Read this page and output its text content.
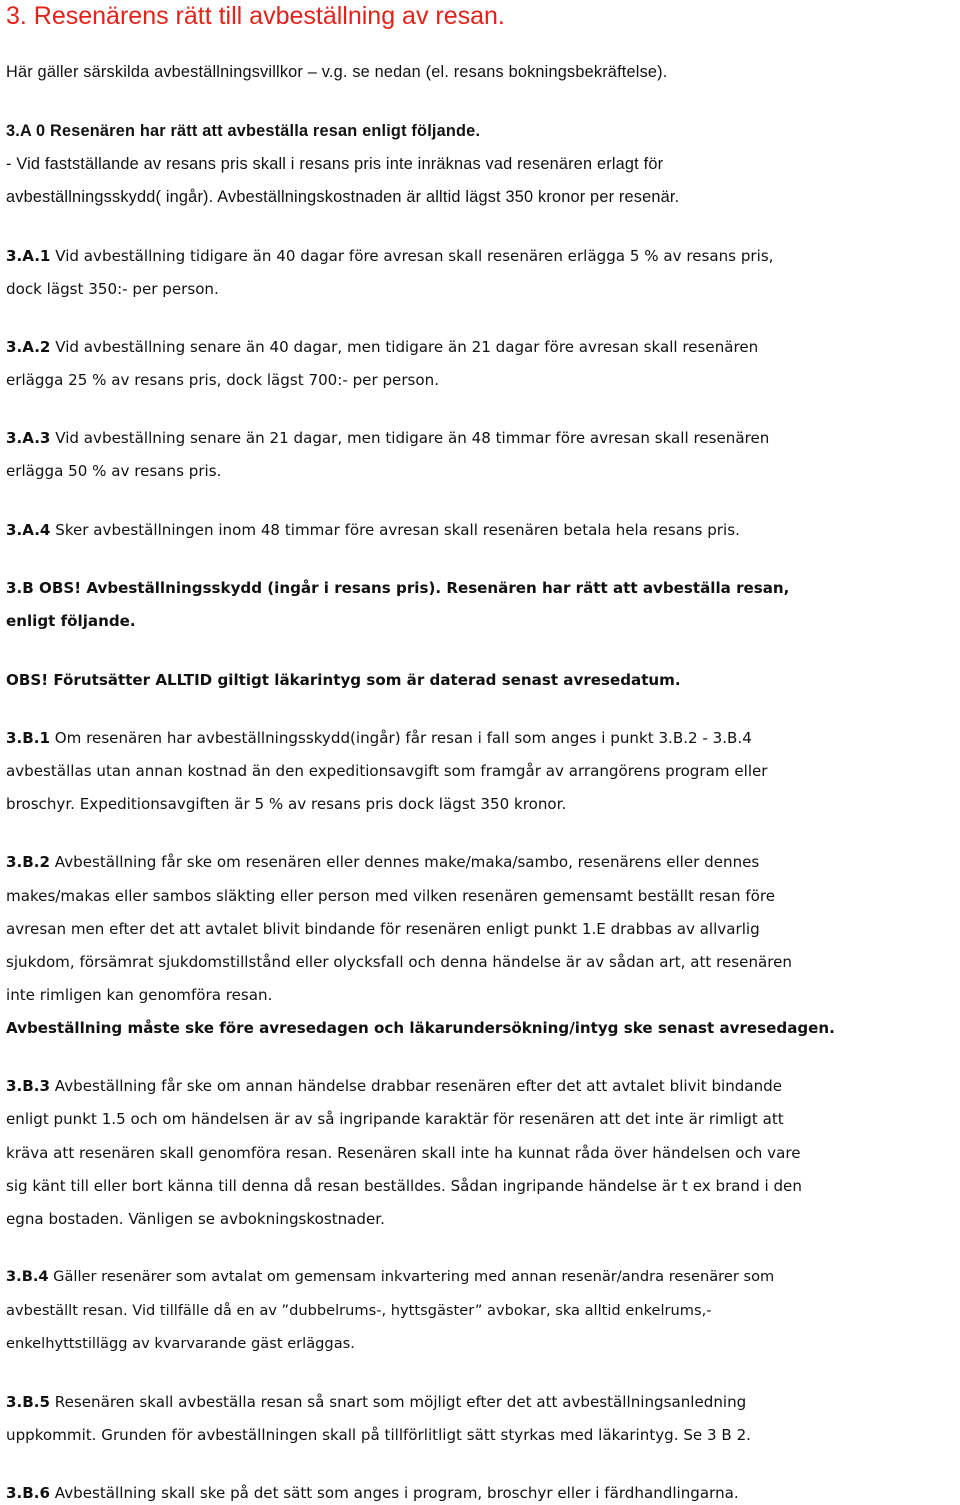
3. Resenärens rätt till avbeställning av resan.
Här gäller särskilda avbeställningsvillkor – v.g. se nedan (el. resans bokningsbekräftelse).
3.A 0 Resenären har rätt att avbeställa resan enligt följande.
- Vid fastställande av resans pris skall i resans pris inte inräknas vad resenären erlagt för
avbeställningsskydd( ingår). Avbeställningskostnaden är alltid lägst 350 kronor per resenär.
3.A.1 Vid avbeställning tidigare än 40 dagar före avresan skall resenären erlägga 5 % av resans pris,
dock lägst 350:- per person.
3.A.2 Vid avbeställning senare än 40 dagar, men tidigare än 21 dagar före avresan skall resenären
erlägga 25 % av resans pris, dock lägst 700:- per person.
3.A.3 Vid avbeställning senare än 21 dagar, men tidigare än 48 timmar före avresan skall resenären
erlägga 50 % av resans pris.
3.A.4 Sker avbeställningen inom 48 timmar före avresan skall resenären betala hela resans pris.
3.B OBS! Avbeställningsskydd (ingår i resans pris). Resenären har rätt att avbeställa resan,
enligt följande.
OBS! Förutsätter ALLTID giltigt läkarintyg som är daterad senast avresedatum.
3.B.1 Om resenären har avbeställningsskydd(ingår) får resan i fall som anges i punkt 3.B.2 - 3.B.4
avbeställas utan annan kostnad än den expeditionsavgift som framgår av arrangörens program eller
broschyr. Expeditionsavgiften är 5 % av resans pris dock lägst 350 kronor.
3.B.2 Avbeställning får ske om resenären eller dennes make/maka/sambo, resenärens eller dennes
makes/makas eller sambos släkting eller person med vilken resenären gemensamt beställt resan före
avresan men efter det att avtalet blivit bindande för resenären enligt punkt 1.E drabbas av allvarlig
sjukdom, försämrat sjukdomstillstånd eller olycksfall och denna händelse är av sådan art, att resenären
inte rimligen kan genomföra resan.
Avbeställning måste ske före avresedagen och läkarundersökning/intyg ske senast avresedagen.
3.B.3 Avbeställning får ske om annan händelse drabbar resenären efter det att avtalet blivit bindande
enligt punkt 1.5 och om händelsen är av så ingripande karaktär för resenären att det inte är rimligt att
kräva att resenären skall genomföra resan. Resenären skall inte ha kunnat råda över händelsen och vare
sig känt till eller bort känna till denna då resan beställdes. Sådan ingripande händelse är t ex brand i den
egna bostaden. Vänligen se avbokningskostnader.
3.B.4 Gäller resenärer som avtalat om gemensam inkvartering med annan resenär/andra resenärer som
avbeställt resan. Vid tillfälle då en av ”dubbelrums-, hyttsgäster” avbokar, ska alltid enkelrums,-
enkelhyttstillägg av kvarvarande gäst erläggas.
3.B.5 Resenären skall avbeställa resan så snart som möjligt efter det att avbeställningsanledning
uppkommit. Grunden för avbeställningen skall på tillförlitligt sätt styrkas med läkarintyg. Se 3 B 2.
3.B.6 Avbeställning skall ske på det sätt som anges i program, broschyr eller i färdhandlingarna.
